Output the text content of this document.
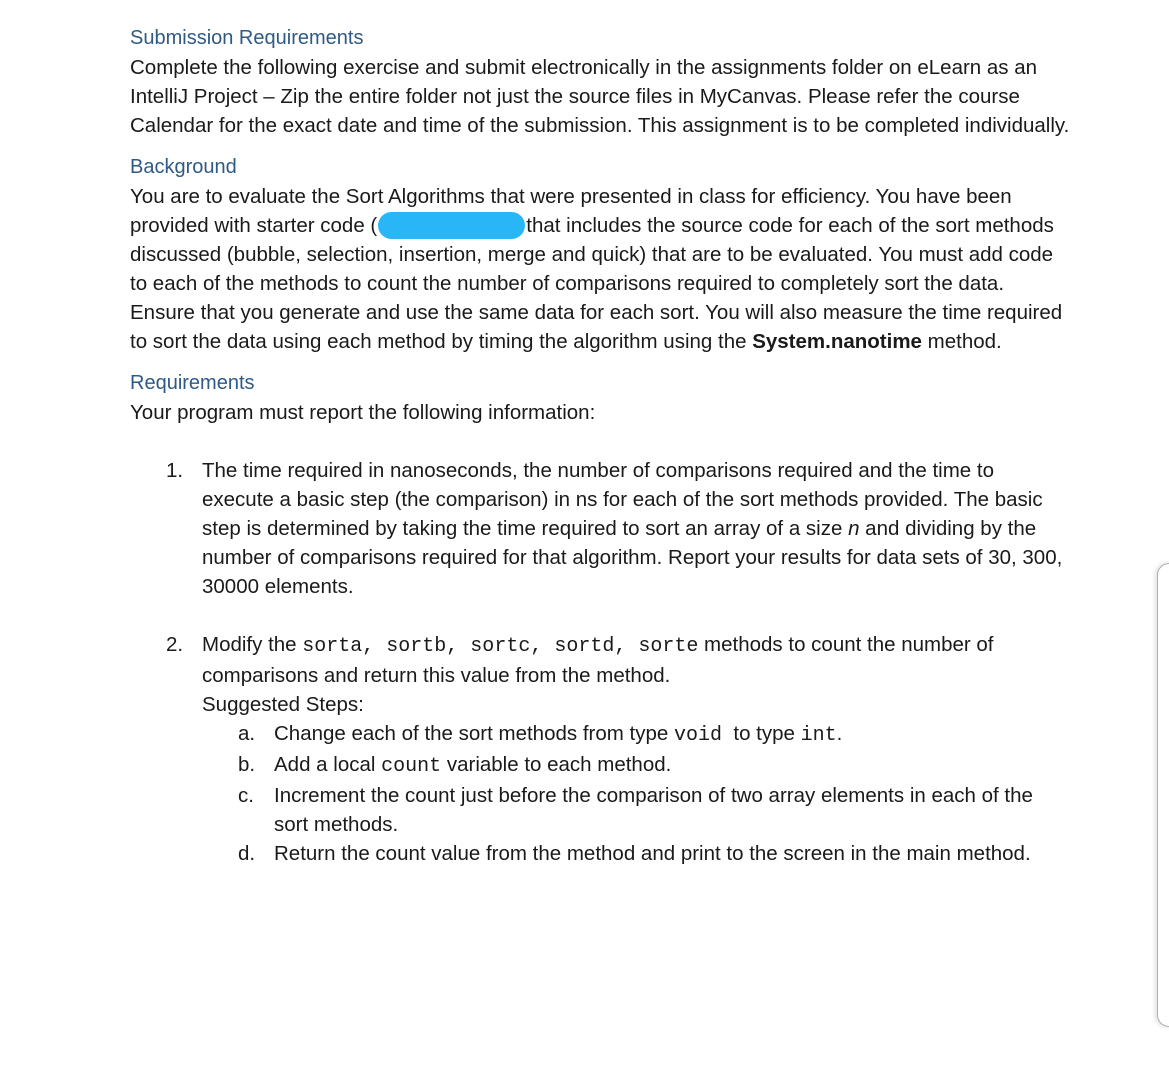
Submission Requirements

Complete the following exercise and submit electronically in the assignments folder on eLearn as an IntelliJ Project – Zip the entire folder not just the source files in MyCanvas. Please refer the course Calendar for the exact date and time of the submission. This assignment is to be completed individually.

Background

You are to evaluate the Sort Algorithms that were presented in class for efficiency. You have been provided with starter code (	that includes the source code for each of the sort methods discussed (bubble, selection, insertion, merge and quick) that are to be evaluated. You must add code to each of the methods to count the number of comparisons required to completely sort the data. Ensure that you generate and use the same data for each sort. You will also measure the time required to sort the data using each method by timing the algorithm using the System.nanotime method.

Requirements

Your program must report the following information:

1. The time required in nanoseconds, the number of comparisons required and the time to execute a basic step (the comparison) in ns for each of the sort methods provided. The basic step is determined by taking the time required to sort an array of a size n and dividing by the number of comparisons required for that algorithm. Report your results for data sets of 30, 300, 30000 elements.
2. Modify the sorta, sortb, sortc, sortd, sorte methods to count the number of comparisons and return this value from the method.
Suggested Steps:
a. Change each of the sort methods from type void  to type int.
b. Add a local count variable to each method.
c. Increment the count just before the comparison of two array elements in each of the sort methods.
d. Return the count value from the method and print to the screen in the main method.
